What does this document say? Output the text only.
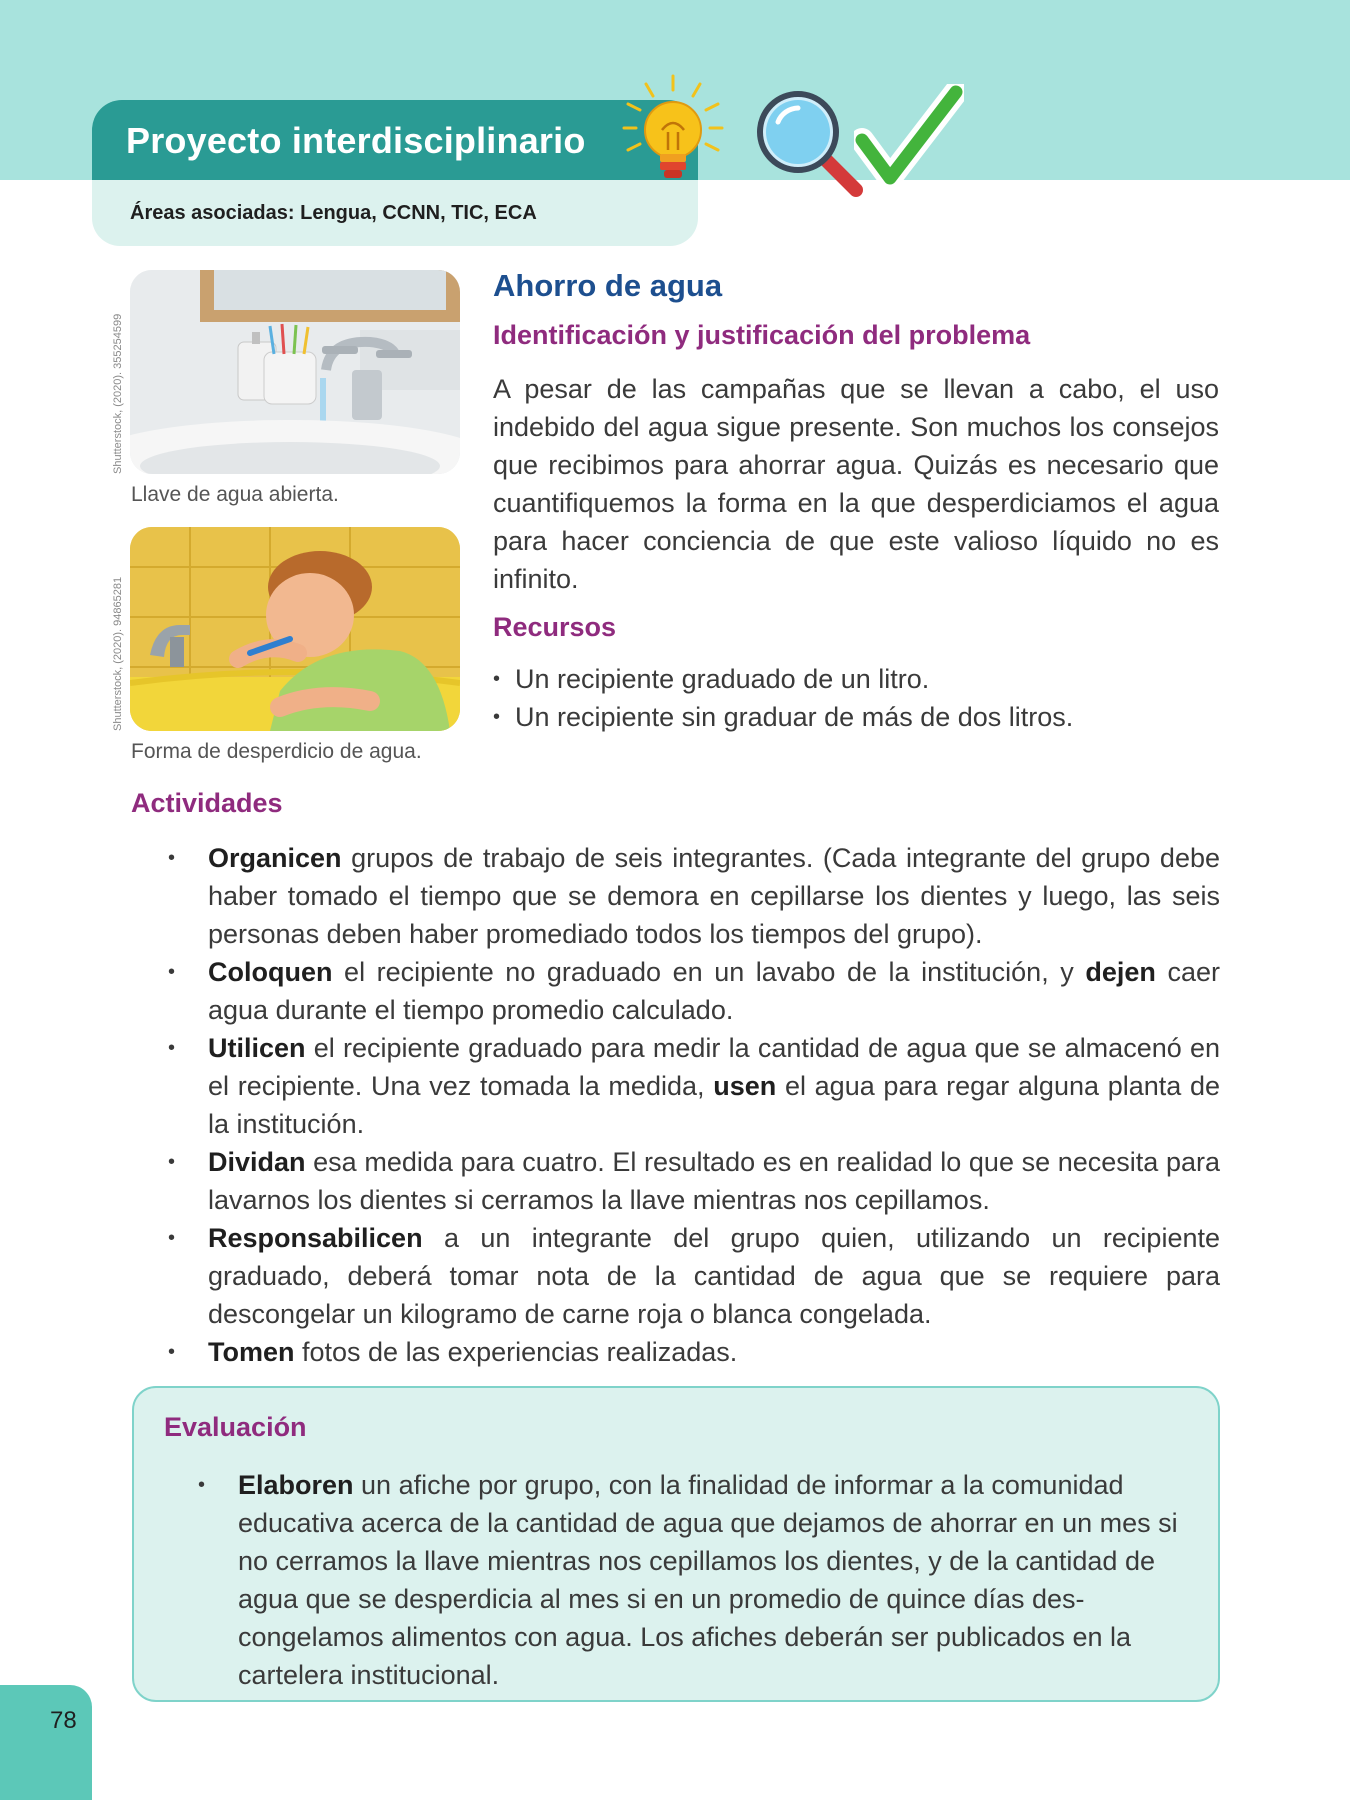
Proyecto interdisciplinario
Áreas asociadas: Lengua, CCNN, TIC, ECA
Shutterstock, (2020). 355254599
Llave de agua abierta.
Shutterstock, (2020). 94865281
Forma de desperdicio de agua.
Ahorro de agua
Identificación y justificación del problema

A pesar de las campañas que se llevan a cabo, el uso indebido del agua sigue presente. Son muchos los consejos que recibimos para ahorrar agua. Quizás es necesario que cuantifiquemos la forma en la que desperdiciamos el agua para hacer conciencia de que este valioso líquido no es infinito.

Recursos
• Un recipiente graduado de un litro.
• Un recipiente sin graduar de más de dos litros.
Actividades
• Organicen grupos de trabajo de seis integrantes. (Cada integrante del grupo debe haber tomado el tiempo que se demora en cepillarse los dientes y luego, las seis personas deben haber promediado todos los tiempos del grupo).
• Coloquen el recipiente no graduado en un lavabo de la institución, y dejen caer agua durante el tiempo promedio calculado.
• Utilicen el recipiente graduado para medir la cantidad de agua que se almacenó en el recipiente. Una vez tomada la medida, usen el agua para regar alguna planta de la institución.
• Dividan esa medida para cuatro. El resultado es en realidad lo que se necesita para lavarnos los dientes si cerramos la llave mientras nos cepillamos.
• Responsabilicen a un integrante del grupo quien, utilizando un recipiente graduado, deberá tomar nota de la cantidad de agua que se requiere para descongelar un kilogramo de carne roja o blanca congelada.
• Tomen fotos de las experiencias realizadas.
Evaluación
• Elaboren un afiche por grupo, con la finalidad de informar a la comunidad educativa acerca de la cantidad de agua que dejamos de ahorrar en un mes si no cerramos la llave mientras nos cepillamos los dientes, y de la cantidad de agua que se desperdicia al mes si en un promedio de quince días des-congelamos alimentos con agua. Los afiches deberán ser publicados en la cartelera institucional.
78
